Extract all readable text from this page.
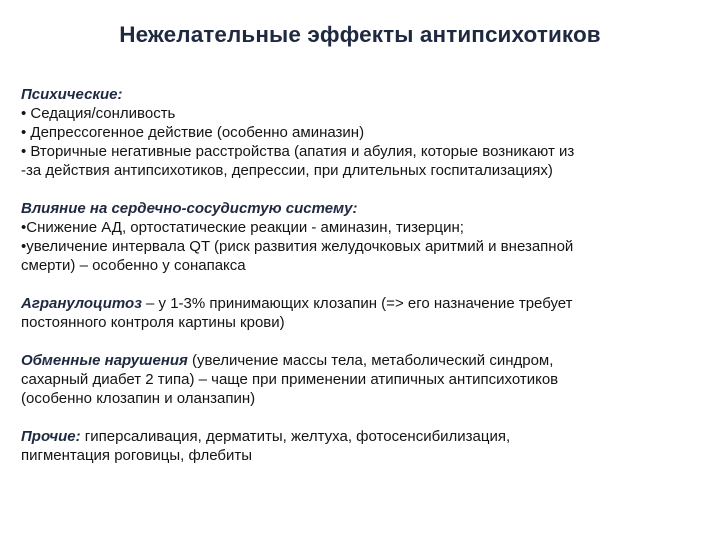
Нежелательные эффекты антипсихотиков
Психические:
• Седация/сонливость
• Депрессогенное действие (особенно аминазин)
• Вторичные негативные расстройства (апатия и абулия, которые возникают из
-за действия антипсихотиков, депрессии, при длительных госпитализациях)
Влияние на сердечно-сосудистую систему:
•Снижение АД, ортостатические реакции - аминазин, тизерцин;
•увеличение интервала QT (риск развития желудочковых аритмий и внезапной
смерти) – особенно у сонапакса
Агранулоцитоз – у 1-3% принимающих клозапин (=> его назначение требует
постоянного контроля картины крови)
Обменные нарушения (увеличение массы тела, метаболический синдром,
сахарный диабет 2 типа) – чаще при применении атипичных антипсихотиков
(особенно клозапин и оланзапин)
Прочие: гиперсаливация, дерматиты, желтуха, фотосенсибилизация,
пигментация роговицы, флебиты
